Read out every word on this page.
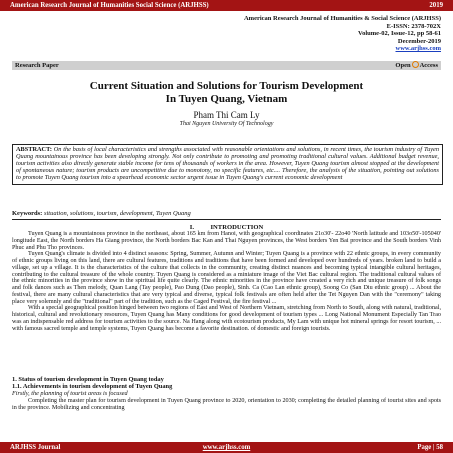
American Research Journal of Humanities Social Science (ARJHSS)	2019
American Research Journal of Humanities & Social Science (ARJHSS)
E-ISSN: 2378-702X
Volume-02, Issue-12, pp 58-61
December-2019
www.arjhss.com
Research Paper	Open Access
Current Situation and Solutions for Tourism Development
In Tuyen Quang, Vietnam
Pham Thi Cam Ly
Thai Nguyen University Of Technology
ABSTRACT: On the basis of local characteristics and strengths associated with reasonable orientations and solutions, in recent times, the tourism industry of Tuyen Quang mountainous province has been developing strongly. Not only contribute to promoting and promoting traditional cultural values. Additional budget revenue, tourism activities also directly generate stable income for tens of thousands of workers in the area. However, Tuyen Quang tourism almost stopped at the development of spontaneous nature; tourism products are uncompetitive due to monotony, no specific features, etc.... Therefore, the analysis of the situation, pointing out solutions to promote Tuyen Quang tourism into a spearhead economic sector urgent issue in Tuyen Quang's current economic development
Keywords: situation, solutions, tourism, development, Tuyen Quang
I.          INTRODUCTION

Tuyen Quang is a mountainous province in the northeast, about 165 km from Hanoi, with geographical coordinates 21o30'- 22o40 'North latitude and 103o50'-105040' longitude East, the North borders Ha Giang province, the North borders Bac Kan and Thai Nguyen provinces, the West borders Yen Bai province and the South borders Vinh Phuc and Phu Tho provinces.

Tuyen Quang's climate is divided into 4 distinct seasons: Spring, Summer, Autumn and Winter; Tuyen Quang is a province with 22 ethnic groups, in every community of ethnic groups living on this land, there are cultural features, traditions and traditions that have been formed and developed over hundreds of years. broken land to build a village, set up a village. It is the characteristics of the culture that collects in the community, creating distinct nuances and becoming typical intangible cultural heritages, contributing to the cultural treasure of the whole country. Tuyen Quang is considered as a miniature image of the Viet Bac cultural region. The traditional cultural values of the ethnic minorities in the province show in the spiritual life quite clearly. The ethnic minorities in the province have created a very rich and unique treasure of folk songs and folk dances such as Then melody, Quan Lang (Tay people), Pao Dung (Dao people), Sinh. Ca (Cao Lan ethnic group), Soong Co (San Diu ethnic group) ... About the festival, there are many cultural characteristics that are very typical and diverse, typical folk festivals are often held after the Tet Nguyen Dan with the "ceremony" taking place very solemnly and the "traditional" part of the tradition, such as the Caged Festival, the fire festival ...

With a special geographical position hinged between two regions of East and West of Northern Vietnam, stretching from North to South, along with natural, traditional, historical, cultural and revolutionary resources, Tuyen Quang has Many conditions for good development of tourism types ... Long National Monument Especially Tan Trao was an indispensable red address for tourism activities to the source. Na Hang along with ecotourism products, My Lam with unique hot mineral springs for resort tourism, ... with famous sacred temple and temple systems, Tuyen Quang has become a favorite destination. of domestic and foreign tourists.

1. Status of tourism development in Tuyen Quang today
1.1. Achievements in tourism development of Tuyen Quang
Firstly, the planning of tourist areas is focused

Completing the master plan for tourism development in Tuyen Quang province to 2020, orientation to 2030; completing the detailed planning of tourist sites and spots in the province. Mobilizing and concentrating

ARJHSS Journal	www.arjhss.com	Page | 58
